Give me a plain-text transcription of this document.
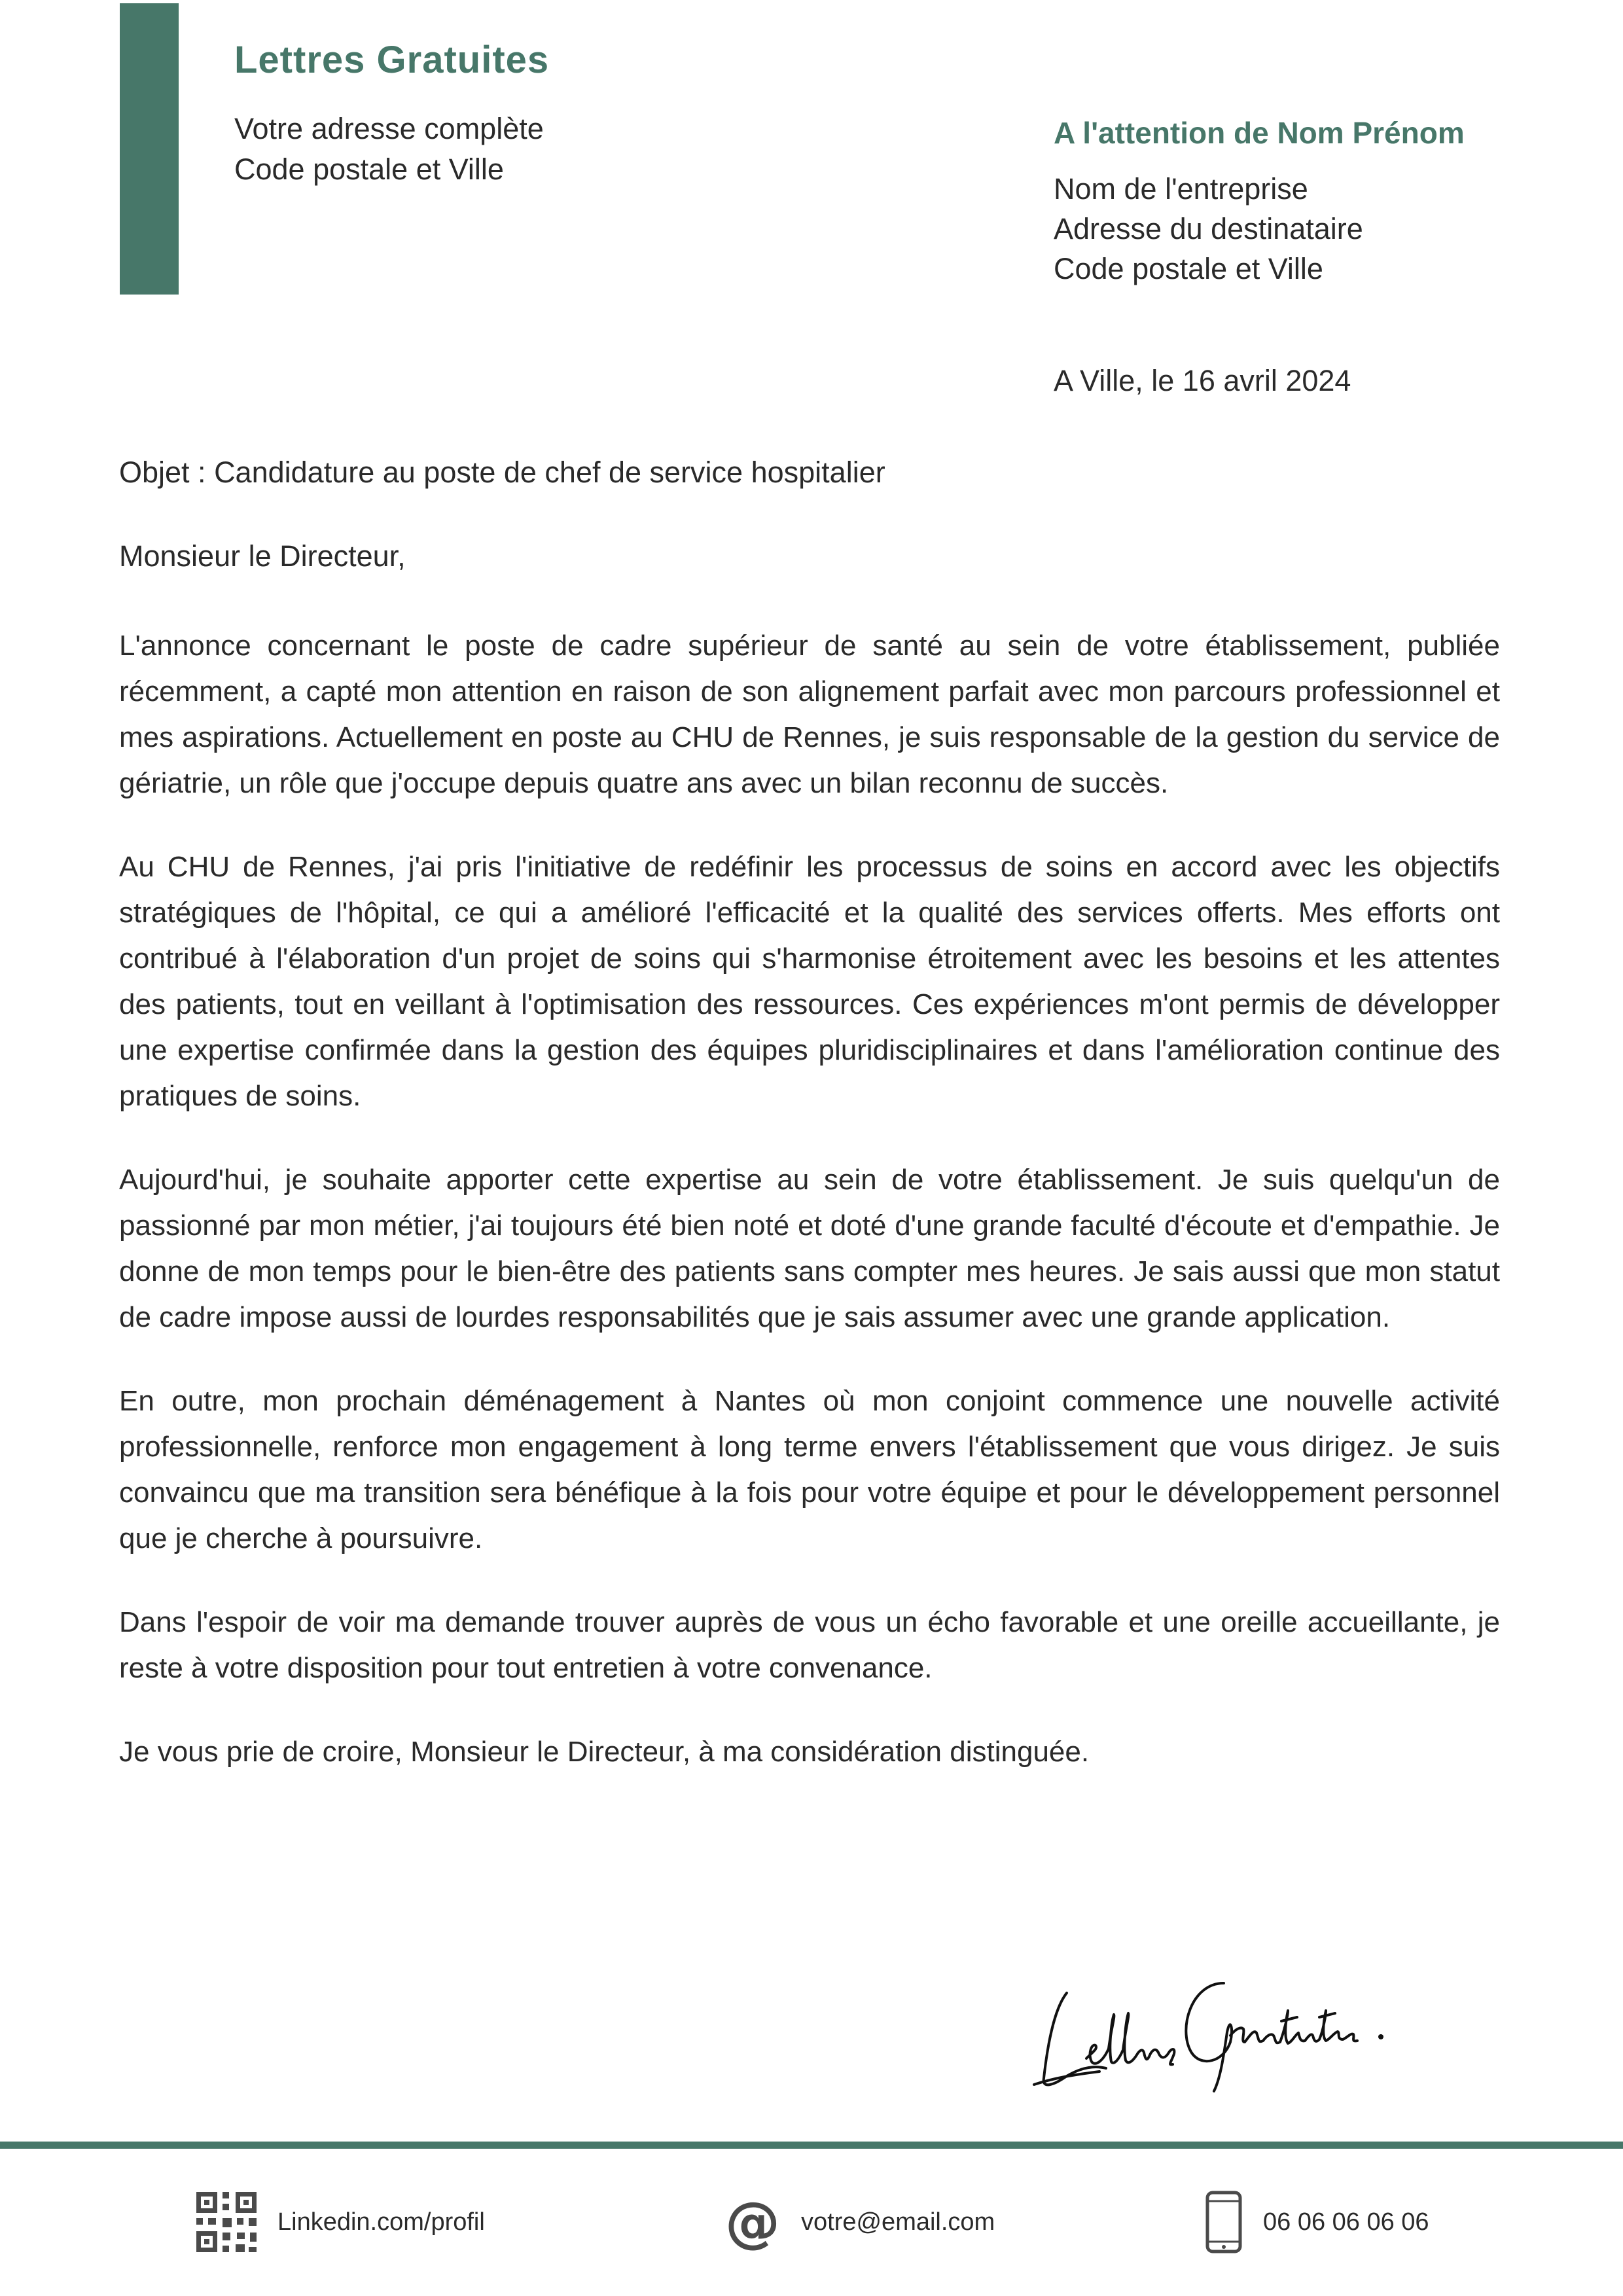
Lettres Gratuites
Votre adresse complète
Code postale et Ville
A l'attention de Nom Prénom
Nom de l'entreprise
Adresse du destinataire
Code postale et Ville
A Ville, le 16 avril 2024
Objet : Candidature au poste de chef de service hospitalier
Monsieur le Directeur,

L'annonce concernant le poste de cadre supérieur de santé au sein de votre établissement, publiée récemment, a capté mon attention en raison de son alignement parfait avec mon parcours professionnel et mes aspirations. Actuellement en poste au CHU de Rennes, je suis responsable de la gestion du service de gériatrie, un rôle que j'occupe depuis quatre ans avec un bilan reconnu de succès.

Au CHU de Rennes, j'ai pris l'initiative de redéfinir les processus de soins en accord avec les objectifs stratégiques de l'hôpital, ce qui a amélioré l'efficacité et la qualité des services offerts. Mes efforts ont contribué à l'élaboration d'un projet de soins qui s'harmonise étroitement avec les besoins et les attentes des patients, tout en veillant à l'optimisation des ressources. Ces expériences m'ont permis de développer une expertise confirmée dans la gestion des équipes pluridisciplinaires et dans l'amélioration continue des pratiques de soins.

Aujourd'hui, je souhaite apporter cette expertise au sein de votre établissement. Je suis quelqu'un de passionné par mon métier, j'ai toujours été bien noté et doté d'une grande faculté d'écoute et d'empathie. Je donne de mon temps pour le bien-être des patients sans compter mes heures. Je sais aussi que mon statut de cadre impose aussi de lourdes responsabilités que je sais assumer avec une grande application.

En outre, mon prochain déménagement à Nantes où mon conjoint commence une nouvelle activité professionnelle, renforce mon engagement à long terme envers l'établissement que vous dirigez. Je suis convaincu que ma transition sera bénéfique à la fois pour votre équipe et pour le développement personnel que je cherche à poursuivre.

Dans l'espoir de voir ma demande trouver auprès de vous un écho favorable et une oreille accueillante, je reste à votre disposition pour tout entretien à votre convenance.

Je vous prie de croire, Monsieur le Directeur, à ma considération distinguée.

Linkedin.com/profil	@ votre@email.com	06 06 06 06 06
